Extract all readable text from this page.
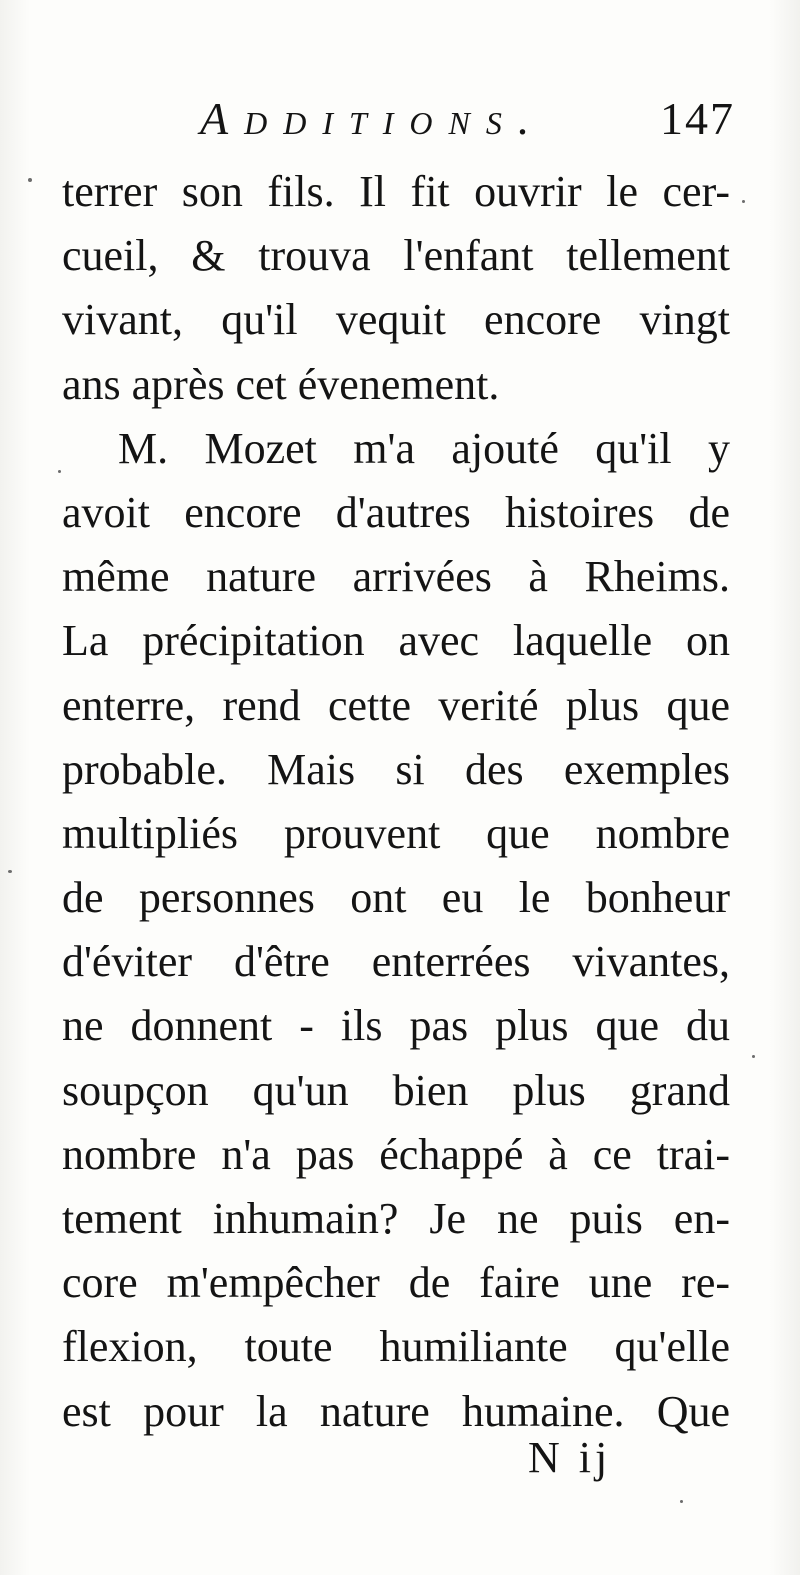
Additions. 147
terrer son fils. Il fit ouvrir le cer-
cueil, & trouva l'enfant tellement
vivant, qu'il vequit encore vingt
ans après cet évenement.
M. Mozet m'a ajouté qu'il y
avoit encore d'autres histoires de
même nature arrivées à Rheims.
La précipitation avec laquelle on
enterre, rend cette verité plus que
probable. Mais si des exemples
multipliés prouvent que nombre
de personnes ont eu le bonheur
d'éviter d'être enterrées vivantes,
ne donnent - ils pas plus que du
soupçon qu'un bien plus grand
nombre n'a pas échappé à ce trai-
tement inhumain? Je ne puis en-
core m'empêcher de faire une re-
flexion, toute humiliante qu'elle
est pour la nature humaine. Que
N ij
